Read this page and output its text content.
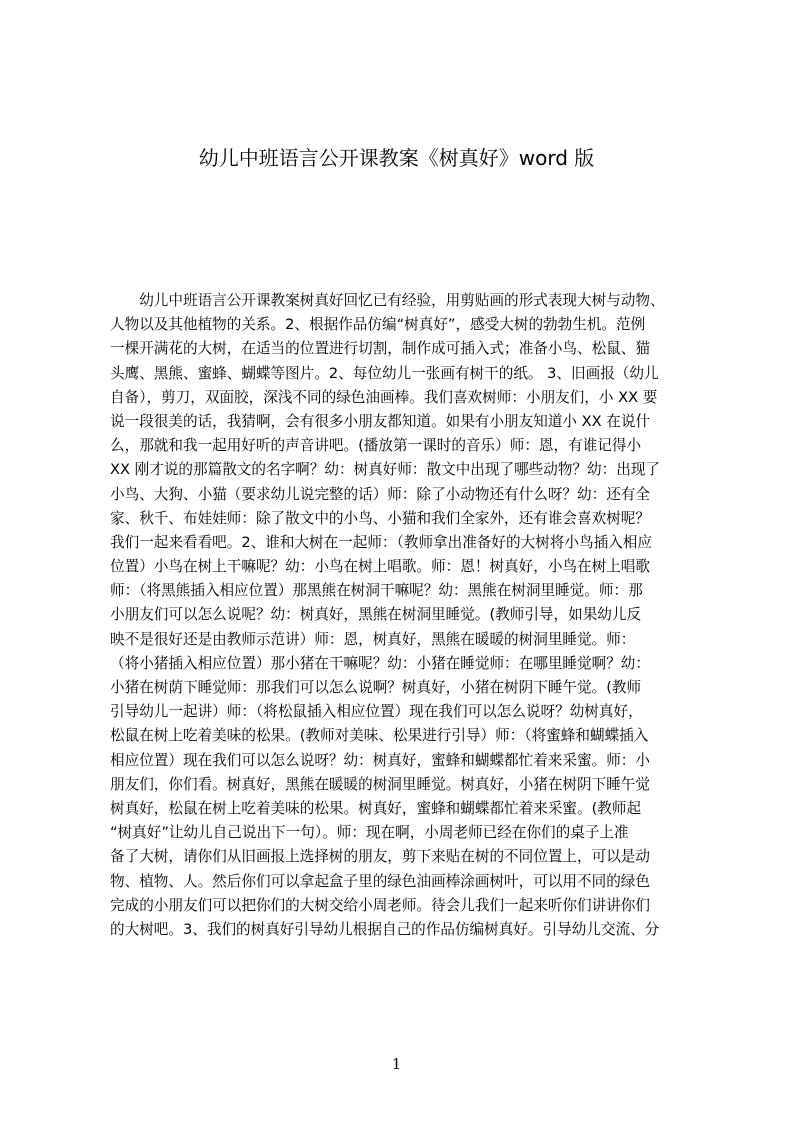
幼儿中班语言公开课教案《树真好》word 版
　　幼儿中班语言公开课教案树真好回忆已有经验，用剪贴画的形式表现大树与动物、
人物以及其他植物的关系。2、根据作品仿编“树真好”，感受大树的勃勃生机。范例
一棵开满花的大树，在适当的位置进行切割，制作成可插入式；准备小鸟、松鼠、猫
头鹰、黑熊、蜜蜂、蝴蝶等图片。2、每位幼儿一张画有树干的纸。 3、旧画报（幼儿
自备），剪刀，双面胶，深浅不同的绿色油画棒。我们喜欢树师：小朋友们，小 XX 要
说一段很美的话，我猜啊，会有很多小朋友都知道。如果有小朋友知道小 XX 在说什
么，那就和我一起用好听的声音讲吧。(播放第一课时的音乐）师：恩，有谁记得小
XX 刚才说的那篇散文的名字啊？幼：树真好师：散文中出现了哪些动物？幼：出现了
小鸟、大狗、小猫（要求幼儿说完整的话）师：除了小动物还有什么呀？幼：还有全
家、秋千、布娃娃师：除了散文中的小鸟、小猫和我们全家外，还有谁会喜欢树呢？
我们一起来看看吧。2、谁和大树在一起师：（教师拿出准备好的大树将小鸟插入相应
位置）小鸟在树上干嘛呢？幼：小鸟在树上唱歌。师：恩！树真好，小鸟在树上唱歌
师：（将黑熊插入相应位置）那黑熊在树洞干嘛呢？幼：黑熊在树洞里睡觉。师：那
小朋友们可以怎么说呢？幼：树真好，黑熊在树洞里睡觉。(教师引导，如果幼儿反
映不是很好还是由教师示范讲）师：恩，树真好，黑熊在暖暖的树洞里睡觉。师：
（将小猪插入相应位置）那小猪在干嘛呢？幼：小猪在睡觉师：在哪里睡觉啊？幼：
小猪在树荫下睡觉师：那我们可以怎么说啊？树真好，小猪在树阴下睡午觉。(教师
引导幼儿一起讲）师：（将松鼠插入相应位置）现在我们可以怎么说呀？幼树真好，
松鼠在树上吃着美味的松果。(教师对美味、松果进行引导）师：（将蜜蜂和蝴蝶插入
相应位置）现在我们可以怎么说呀？幼：树真好，蜜蜂和蝴蝶都忙着来采蜜。师：小
朋友们，你们看。树真好，黑熊在暖暖的树洞里睡觉。树真好，小猪在树阴下睡午觉
树真好，松鼠在树上吃着美味的松果。树真好，蜜蜂和蝴蝶都忙着来采蜜。(教师起
“树真好”让幼儿自己说出下一句）。师：现在啊，小周老师已经在你们的桌子上准
备了大树，请你们从旧画报上选择树的朋友，剪下来贴在树的不同位置上，可以是动
物、植物、人。然后你们可以拿起盒子里的绿色油画棒涂画树叶，可以用不同的绿色
完成的小朋友们可以把你们的大树交给小周老师。待会儿我们一起来听你们讲讲你们
的大树吧。3、我们的树真好引导幼儿根据自己的作品仿编树真好。引导幼儿交流、分
1
